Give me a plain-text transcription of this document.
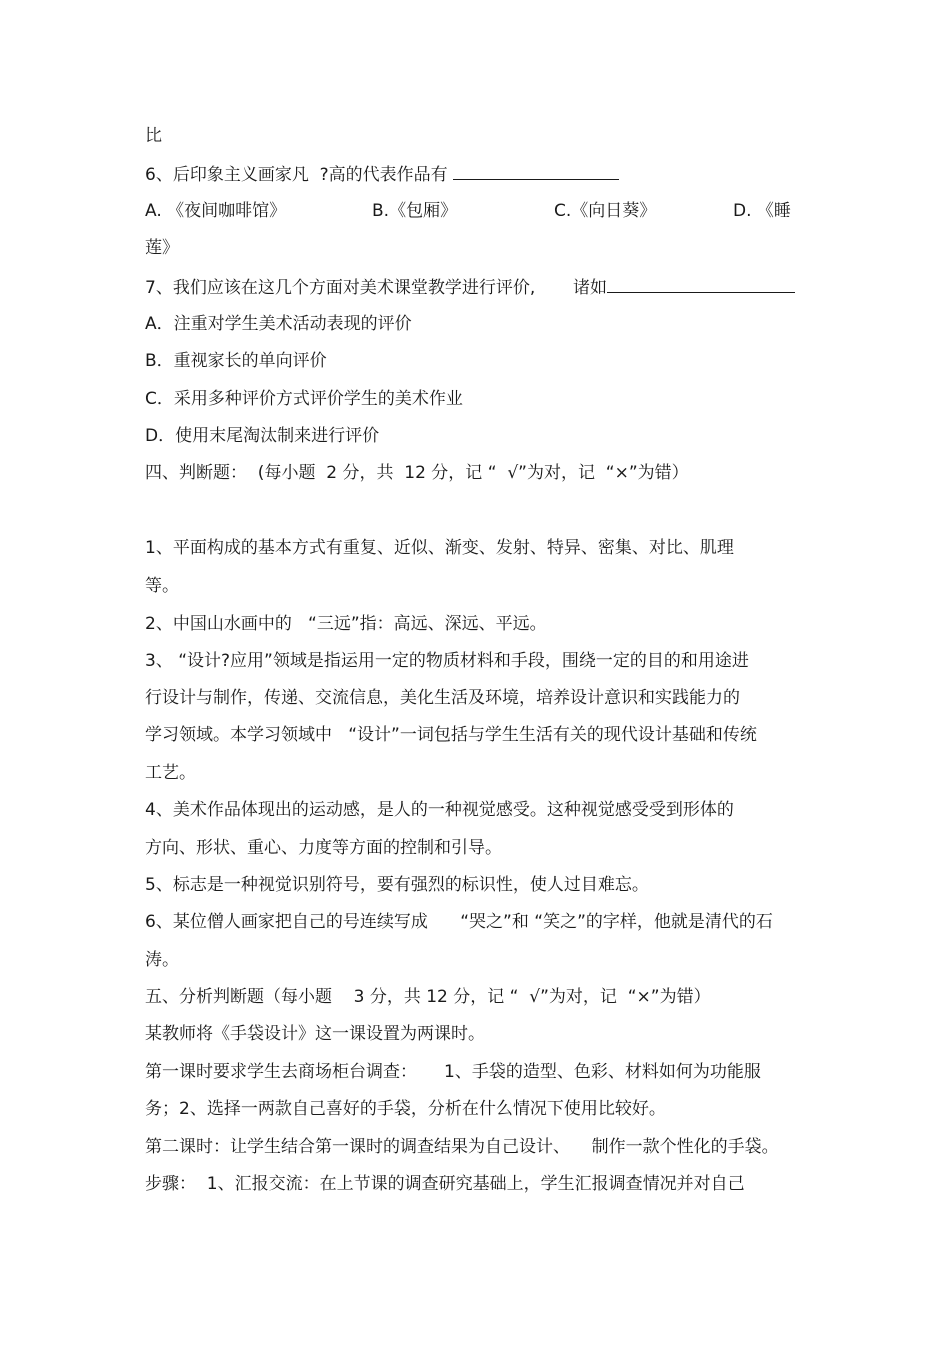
比
6、后印象主义画家凡  ?高的代表作品有
A. 《夜间咖啡馆》	B.《包厢》	C.《向日葵》	D. 《睡
莲》
7、我们应该在这几个方面对美术课堂教学进行评价,       诸如
A．注重对学生美术活动表现的评价
B．重视家长的单向评价
C．采用多种评价方式评价学生的美术作业
D．使用末尾淘汰制来进行评价
四、判断题：  (每小题  2 分，共  12 分，记 “  √”为对，记  “×”为错）
1、平面构成的基本方式有重复、近似、渐变、发射、特异、密集、对比、肌理
等。
2、中国山水画中的   “三远”指：高远、深远、平远。
3、 “设计?应用”领域是指运用一定的物质材料和手段，围绕一定的目的和用途进
行设计与制作，传递、交流信息，美化生活及环境，培养设计意识和实践能力的
学习领域。本学习领域中   “设计”一词包括与学生生活有关的现代设计基础和传统
工艺。
4、美术作品体现出的运动感，是人的一种视觉感受。这种视觉感受受到形体的
方向、形状、重心、力度等方面的控制和引导。
5、标志是一种视觉识别符号，要有强烈的标识性，使人过目难忘。
6、某位僧人画家把自己的号连续写成      “哭之”和 “笑之”的字样，他就是清代的石
涛。
五、分析判断题（每小题    3 分，共 12 分，记 “  √”为对，记  “×”为错）
某教师将《手袋设计》这一课设置为两课时。
第一课时要求学生去商场柜台调查：     1、手袋的造型、色彩、材料如何为功能服
务；2、选择一两款自己喜好的手袋，分析在什么情况下使用比较好。
第二课时：让学生结合第一课时的调查结果为自己设计、    制作一款个性化的手袋。
步骤：  1、汇报交流：在上节课的调查研究基础上，学生汇报调查情况并对自己
